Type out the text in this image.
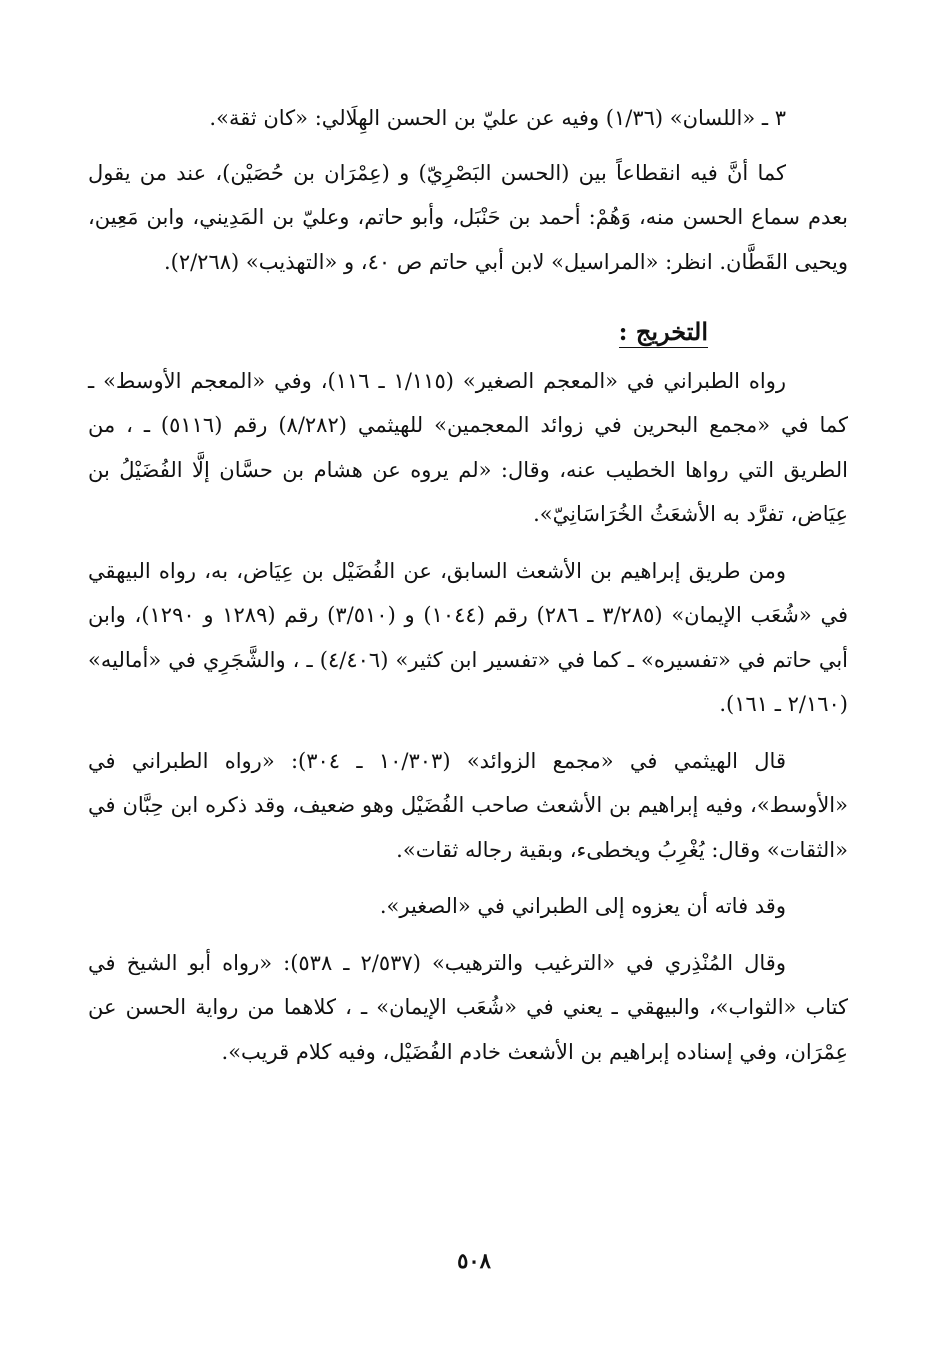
٣ ـ «اللسان» (١/٣٦) وفيه عن عليّ بن الحسن الهِلَالي: «كان ثقة».

كما أنَّ فيه انقطاعاً بين (الحسن البَصْرِيّ) و (عِمْرَان بن حُصَيْن)، عند من يقول بعدم سماع الحسن منه، وَهُمْ: أحمد بن حَنْبَل، وأبو حاتم، وعليّ بن المَدِيني، وابن مَعِين، ويحيى القَطَّان. انظر: «المراسيل» لابن أبي حاتم ص ٤٠، و «التهذيب» (٢/٢٦٨).

التخريج :

رواه الطبراني في «المعجم الصغير» (١/١١٥ ـ ١١٦)، وفي «المعجم الأوسط» ـ كما في «مجمع البحرين في زوائد المعجمين» للهيثمي (٨/٢٨٢) رقم (٥١١٦) ـ ، من الطريق التي رواها الخطيب عنه، وقال: «لم يروه عن هشام بن حسَّان إلَّا الفُضَيْلُ بن عِيَاض، تفرَّد به الأشعَثُ الخُرَاسَانِيّ».

ومن طريق إبراهيم بن الأشعث السابق، عن الفُضَيْل بن عِيَاض، به، رواه البيهقي في «شُعَب الإيمان» (٣/٢٨٥ ـ ٢٨٦) رقم (١٠٤٤) و (٣/٥١٠) رقم (١٢٨٩ و ١٢٩٠)، وابن أبي حاتم في «تفسيره» ـ كما في «تفسير ابن كثير» (٤/٤٠٦) ـ ، والشَّجَرِي في «أماليه» (٢/١٦٠ ـ ١٦١).

قال الهيثمي في «مجمع الزوائد» (١٠/٣٠٣ ـ ٣٠٤): «رواه الطبراني في «الأوسط»، وفيه إبراهيم بن الأشعث صاحب الفُضَيْل وهو ضعيف، وقد ذكره ابن حِبَّان في «الثقات» وقال: يُغْرِبُ ويخطىء، وبقية رجاله ثقات».

وقد فاته أن يعزوه إلى الطبراني في «الصغير».

وقال المُنْذِري في «الترغيب والترهيب» (٢/٥٣٧ ـ ٥٣٨): «رواه أبو الشيخ في كتاب «الثواب»، والبيهقي ـ يعني في «شُعَب الإيمان» ـ ، كلاهما من رواية الحسن عن عِمْرَان، وفي إسناده إبراهيم بن الأشعث خادم الفُضَيْل، وفيه كلام قريب».

٥٠٨
